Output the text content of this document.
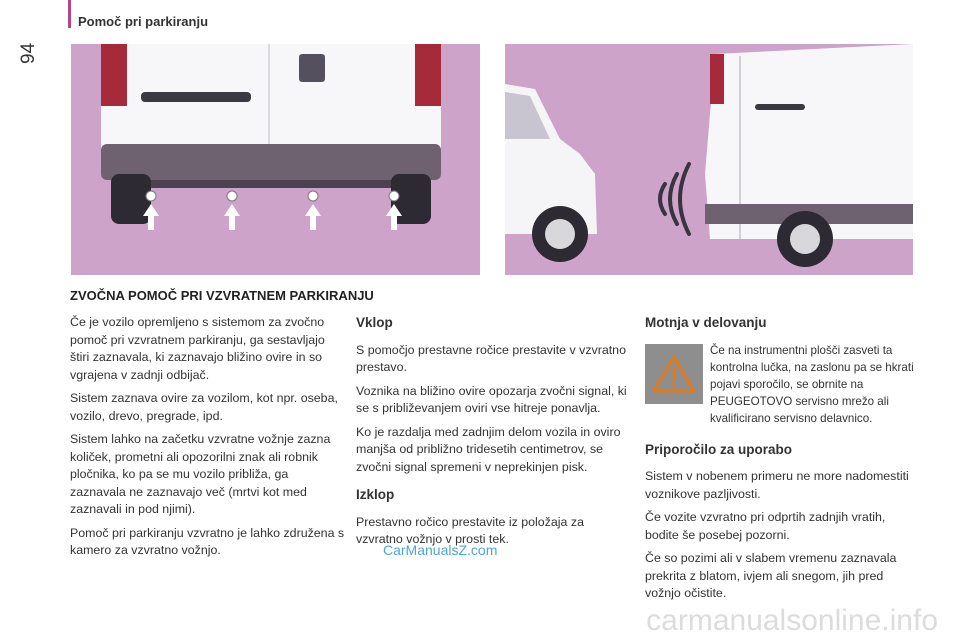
Pomoč pri parkiranju
94
ZVOČNA POMOČ PRI VZVRATNEM PARKIRANJU

Če je vozilo opremljeno s sistemom za zvočno pomoč pri vzvratnem parkiranju, ga sestavljajo štiri zaznavala, ki zaznavajo bližino ovire in so vgrajena v zadnji odbijač.

Sistem zaznava ovire za vozilom, kot npr. oseba, vozilo, drevo, pregrade, ipd.

Sistem lahko na začetku vzvratne vožnje zazna količek, prometni ali opozorilni znak ali robnik pločnika, ko pa se mu vozilo približa, ga zaznavala ne zaznavajo več (mrtvi kot med zaznavali in pod njimi).

Pomoč pri parkiranju vzvratno je lahko združena s kamero za vzvratno vožnjo.

Vklop

S pomočjo prestavne ročice prestavite v vzvratno prestavo.

Voznika na bližino ovire opozarja zvočni signal, ki se s približevanjem oviri vse hitreje ponavlja.

Ko je razdalja med zadnjim delom vozila in oviro manjša od približno tridesetih centimetrov, se zvočni signal spremeni v neprekinjen pisk.

Izklop

Prestavno ročico prestavite iz položaja za vzvratno vožnjo v prosti tek.

Motnja v delovanju
Če na instrumentni plošči zasveti ta kontrolna lučka, na zaslonu pa se hkrati pojavi sporočilo, se obrnite na PEUGEOTOVO servisno mrežo ali kvalificirano servisno delavnico.
Priporočilo za uporabo

Sistem v nobenem primeru ne more nadomestiti voznikove pazljivosti.

Če vozite vzvratno pri odprtih zadnjih vratih, bodite še posebej pozorni.

Če so pozimi ali v slabem vremenu zaznavala prekrita z blatom, ivjem ali snegom, jih pred vožnjo očistite.

CarManualsZ.com
carmanualsonline.info
